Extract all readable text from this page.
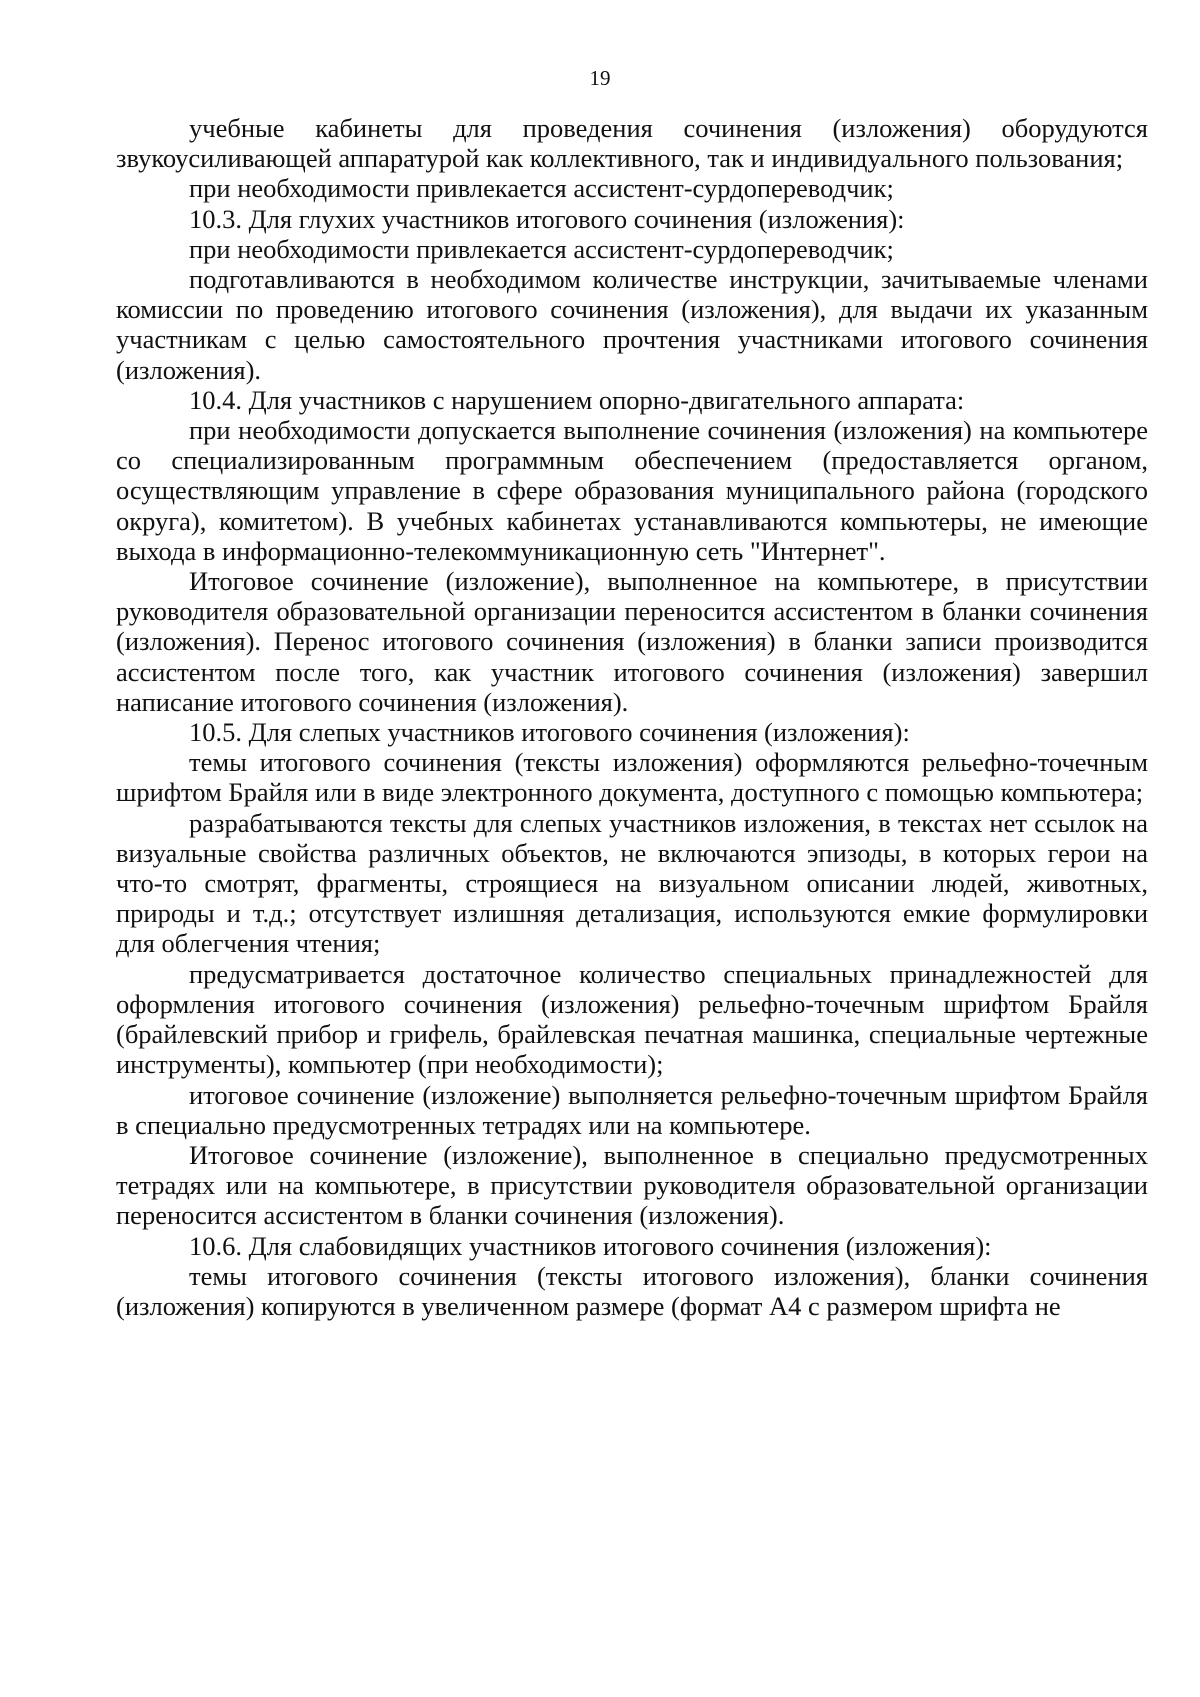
19

учебные кабинеты для проведения сочинения (изложения) оборудуются звукоусиливающей аппаратурой как коллективного, так и индивидуального пользования;

при необходимости привлекается ассистент-сурдопереводчик;

10.3. Для глухих участников итогового сочинения (изложения):

при необходимости привлекается ассистент-сурдопереводчик;

подготавливаются в необходимом количестве инструкции, зачитываемые членами комиссии по проведению итогового сочинения (изложения), для выдачи их указанным участникам с целью самостоятельного прочтения участниками итогового сочинения (изложения).

10.4. Для участников с нарушением опорно-двигательного аппарата:

при необходимости допускается выполнение сочинения (изложения) на компьютере со специализированным программным обеспечением (предоставляется органом, осуществляющим управление в сфере образования муниципального района (городского округа), комитетом). В учебных кабинетах устанавливаются компьютеры, не имеющие выхода в информационно-телекоммуникационную сеть "Интернет".

Итоговое сочинение (изложение), выполненное на компьютере, в присутствии руководителя образовательной организации переносится ассистентом в бланки сочинения (изложения). Перенос итогового сочинения (изложения) в бланки записи производится ассистентом после того, как участник итогового сочинения (изложения) завершил написание итогового сочинения (изложения).

10.5. Для слепых участников итогового сочинения (изложения):

темы итогового сочинения (тексты изложения) оформляются рельефно-точечным шрифтом Брайля или в виде электронного документа, доступного с помощью компьютера;

разрабатываются тексты для слепых участников изложения, в текстах нет ссылок на визуальные свойства различных объектов, не включаются эпизоды, в которых герои на что-то смотрят, фрагменты, строящиеся на визуальном описании людей, животных, природы и т.д.; отсутствует излишняя детализация, используются емкие формулировки для облегчения чтения;

предусматривается достаточное количество специальных принадлежностей для оформления итогового сочинения (изложения) рельефно-точечным шрифтом Брайля (брайлевский прибор и грифель, брайлевская печатная машинка, специальные чертежные инструменты), компьютер (при необходимости);

итоговое сочинение (изложение) выполняется рельефно-точечным шрифтом Брайля в специально предусмотренных тетрадях или на компьютере.

Итоговое сочинение (изложение), выполненное в специально предусмотренных тетрадях или на компьютере, в присутствии руководителя образовательной организации переносится ассистентом в бланки сочинения (изложения).

10.6. Для слабовидящих участников итогового сочинения (изложения):

темы итогового сочинения (тексты итогового изложения), бланки сочинения (изложения) копируются в увеличенном размере (формат А4 с размером шрифта не
